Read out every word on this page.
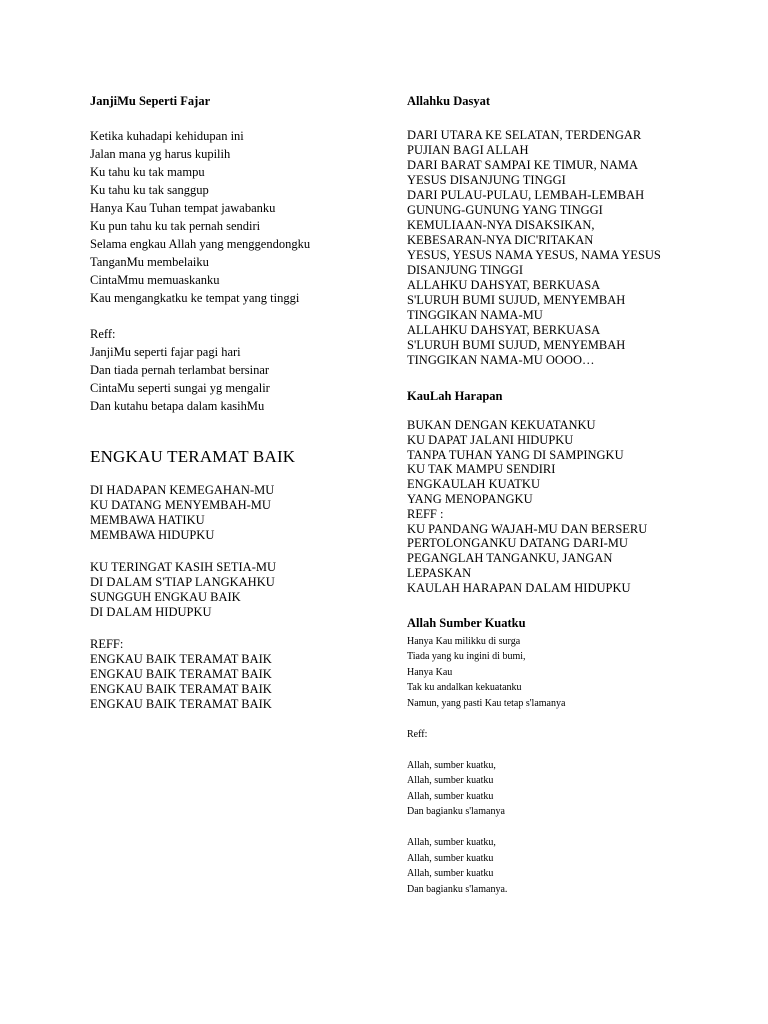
JanjiMu Seperti Fajar
Ketika kuhadapi kehidupan ini
Jalan mana yg harus kupilih
Ku tahu ku tak mampu
Ku tahu ku tak sanggup
Hanya Kau Tuhan tempat jawabanku
Ku pun tahu ku tak pernah sendiri
Selama engkau Allah yang menggendongku
TanganMu membelaiku
CintaMmu memuaskanku
Kau mengangkatku ke tempat yang tinggi
Reff:
JanjiMu seperti fajar pagi hari
Dan tiada pernah terlambat bersinar
CintaMu seperti sungai yg mengalir
Dan kutahu betapa dalam kasihMu
ENGKAU TERAMAT BAIK
DI HADAPAN KEMEGAHAN-MU
KU DATANG MENYEMBAH-MU
MEMBAWA HATIKU
MEMBAWA HIDUPKU
KU TERINGAT KASIH SETIA-MU
DI DALAM S'TIAP LANGKAHKU
SUNGGUH ENGKAU BAIK
DI DALAM HIDUPKU
REFF:
ENGKAU BAIK TERAMAT BAIK
ENGKAU BAIK TERAMAT BAIK
ENGKAU BAIK TERAMAT BAIK
ENGKAU BAIK TERAMAT BAIK
Allahku Dasyat
DARI UTARA KE SELATAN, TERDENGAR
PUJIAN BAGI ALLAH
DARI BARAT SAMPAI KE TIMUR, NAMA
YESUS DISANJUNG TINGGI
DARI PULAU-PULAU, LEMBAH-LEMBAH
GUNUNG-GUNUNG YANG TINGGI
KEMULIAAN-NYA DISAKSIKAN,
KEBESARAN-NYA DIC'RITAKAN
YESUS, YESUS NAMA YESUS, NAMA YESUS
DISANJUNG TINGGI
ALLAHKU DAHSYAT, BERKUASA
S'LURUH BUMI SUJUD, MENYEMBAH
TINGGIKAN NAMA-MU
ALLAHKU DAHSYAT, BERKUASA
S'LURUH BUMI SUJUD, MENYEMBAH
TINGGIKAN NAMA-MU OOOO…
KauLah Harapan
BUKAN DENGAN KEKUATANKU
KU DAPAT JALANI HIDUPKU
TANPA TUHAN YANG DI SAMPINGKU
KU TAK MAMPU SENDIRI
ENGKAULAH KUATKU
YANG MENOPANGKU
REFF :
KU PANDANG WAJAH-MU DAN BERSERU
PERTOLONGANKU DATANG DARI-MU
PEGANGLAH TANGANKU, JANGAN
LEPASKAN
KAULAH HARAPAN DALAM HIDUPKU
Allah Sumber Kuatku
Hanya Kau milikku di surga
Tiada yang ku ingini di bumi,
Hanya Kau
Tak ku andalkan kekuatanku
Namun, yang pasti Kau tetap s'lamanya
Reff:
Allah, sumber kuatku,
Allah, sumber kuatku
Allah, sumber kuatku
Dan bagianku s'lamanya
Allah, sumber kuatku,
Allah, sumber kuatku
Allah, sumber kuatku
Dan bagianku s'lamanya.
